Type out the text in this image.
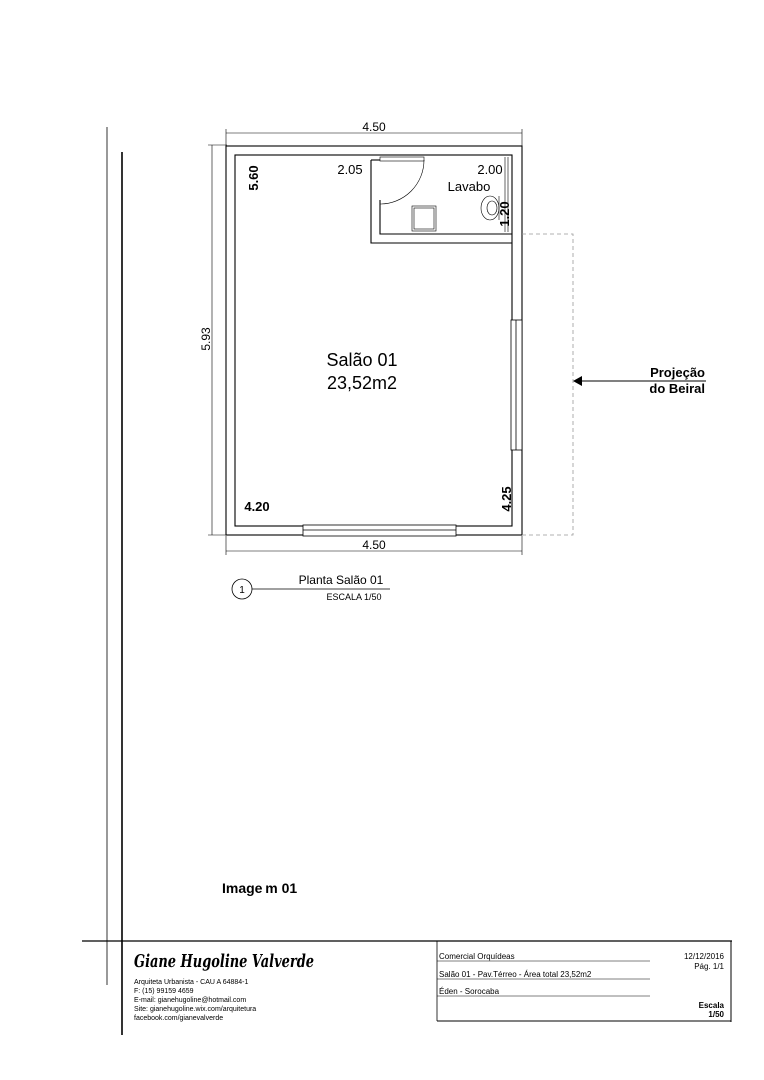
4.50
4.50
5.93
5.60	2.05	2.00
Lavabo
1.20
Salão 01
23,52m2
4.20	4.25
Projeção
do Beiral
1
Planta Salão 01
ESCALA 1/50
Image m 01
Giane Hugoline Valverde
Arquiteta Urbanista - CAU A 64884-1
F: (15) 99159 4659
E-mail: gianehugoline@hotmail.com
Site: gianehugoline.wix.com/arquitetura
facebook.com/gianevalverde
Comercial Orquídeas
Salão 01 - Pav.Térreo - Área total 23,52m2
Éden - Sorocaba
12/12/2016
Pág. 1/1
Escala
1/50
